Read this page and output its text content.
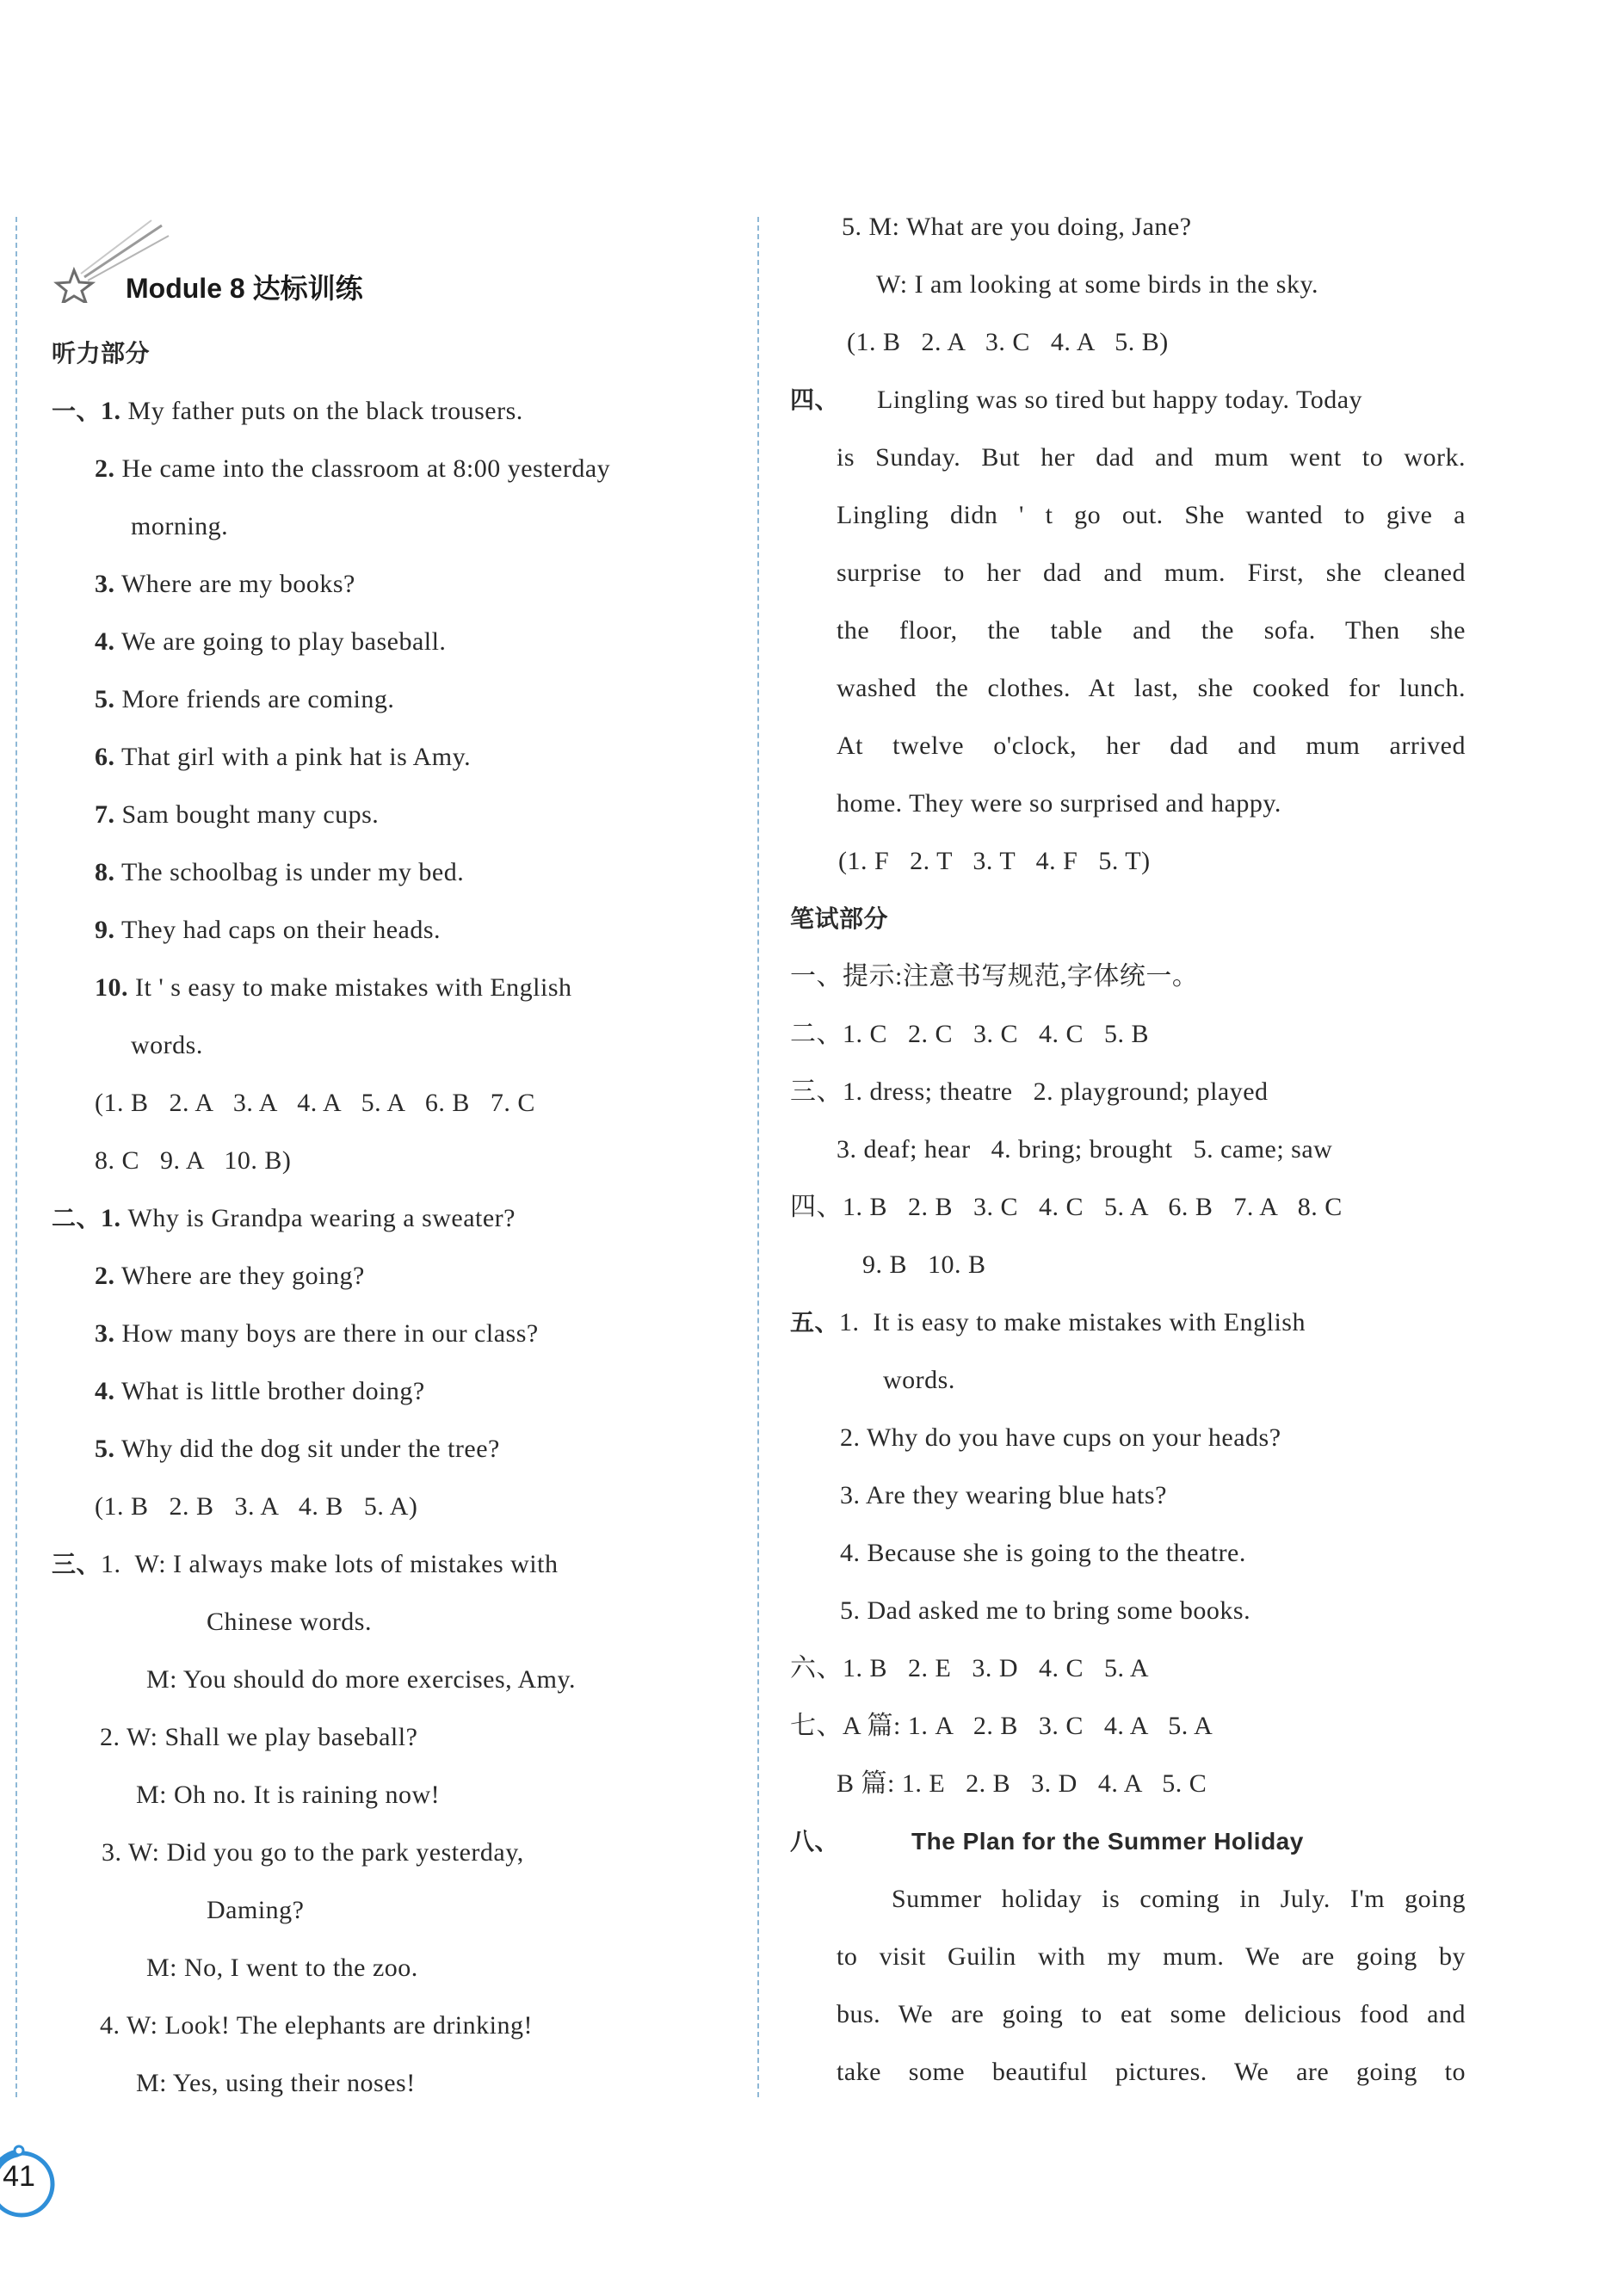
Module 8 达标训练
听力部分
一、1. My father puts on the black trousers.
2. He came into the classroom at 8:00 yesterday
morning.
3. Where are my books?
4. We are going to play baseball.
5. More friends are coming.
6. That girl with a pink hat is Amy.
7. Sam bought many cups.
8. The schoolbag is under my bed.
9. They had caps on their heads.
10. It ' s easy to make mistakes with English
words.
(1. B   2. A   3. A   4. A   5. A   6. B   7. C
8. C   9. A   10. B)
二、1. Why is Grandpa wearing a sweater?
2. Where are they going?
3. How many boys are there in our class?
4. What is little brother doing?
5. Why did the dog sit under the tree?
(1. B   2. B   3. A   4. B   5. A)
三、1.  W: I always make lots of mistakes with
Chinese words.
M: You should do more exercises, Amy.
2. W: Shall we play baseball?
M: Oh no. It is raining now!
3. W: Did you go to the park yesterday,
Daming?
M: No, I went to the zoo.
4. W: Look! The elephants are drinking!
M: Yes, using their noses!
5. M: What are you doing, Jane?
W: I am looking at some birds in the sky.
(1. B   2. A   3. C   4. A   5. B)
四、 Lingling was so tired but happy today. Today
is Sunday. But her dad and mum went to work.
Lingling didn ' t go out. She wanted to give a
surprise to her dad and mum. First, she cleaned
the floor, the table and the sofa. Then she
washed the clothes. At last, she cooked for lunch.
At twelve o'clock, her dad and mum arrived
home. They were so surprised and happy.
(1. F   2. T   3. T   4. F   5. T)
笔试部分
一、提示:注意书写规范,字体统一。
二、1. C   2. C   3. C   4. C   5. B
三、1. dress; theatre   2. playground; played
3. deaf; hear   4. bring; brought   5. came; saw
四、1. B   2. B   3. C   4. C   5. A   6. B   7. A   8. C
9. B   10. B
五、1.  It is easy to make mistakes with English
words.
2. Why do you have cups on your heads?
3. Are they wearing blue hats?
4. Because she is going to the theatre.
5. Dad asked me to bring some books.
六、1. B   2. E   3. D   4. C   5. A
七、A 篇: 1. A   2. B   3. C   4. A   5. A
B 篇: 1. E   2. B   3. D   4. A   5. C
八、	The Plan for the Summer Holiday
Summer holiday is coming in July. I'm going
to visit Guilin with my mum. We are going by
bus. We are going to eat some delicious food and
take some beautiful pictures. We are going to
41
